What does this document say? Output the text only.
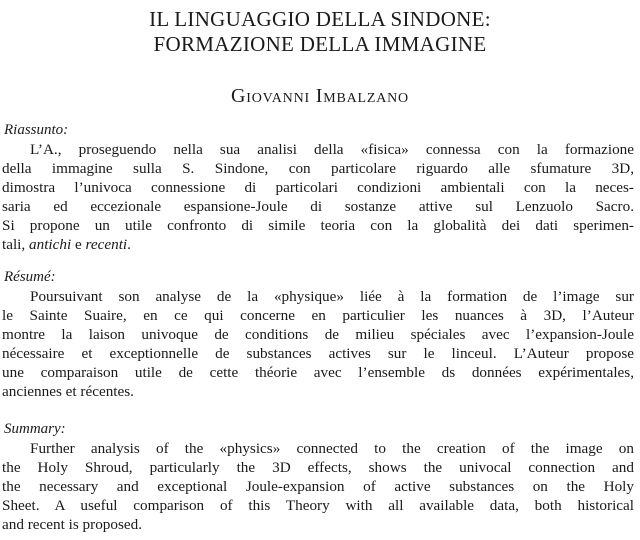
IL LINGUAGGIO DELLA SINDONE:
FORMAZIONE DELLA IMMAGINE
Giovanni Imbalzano
Riassunto:
L’A., proseguendo nella sua analisi della «fisica» connessa con la formazione
della immagine sulla S. Sindone, con particolare riguardo alle sfumature 3D,
dimostra l’univoca connessione di particolari condizioni ambientali con la neces-
saria ed eccezionale espansione-Joule di sostanze attive sul Lenzuolo Sacro.
Si propone un utile confronto di simile teoria con la globalità dei dati sperimen-
tali, antichi e recenti.
Résumé:
Poursuivant son analyse de la «physique» liée à la formation de l’image sur
le Sainte Suaire, en ce qui concerne en particulier les nuances à 3D, l’Auteur
montre la laison univoque de conditions de milieu spéciales avec l’expansion-Joule
nécessaire et exceptionnelle de substances actives sur le linceul. L’Auteur propose
une comparaison utile de cette théorie avec l’ensemble ds données expérimentales,
anciennes et récentes.
Summary:
Further analysis of the «physics» connected to the creation of the image on
the Holy Shroud, particularly the 3D effects, shows the univocal connection and
the necessary and exceptional Joule-expansion of active substances on the Holy
Sheet. A useful comparison of this Theory with all available data, both historical
and recent is proposed.
